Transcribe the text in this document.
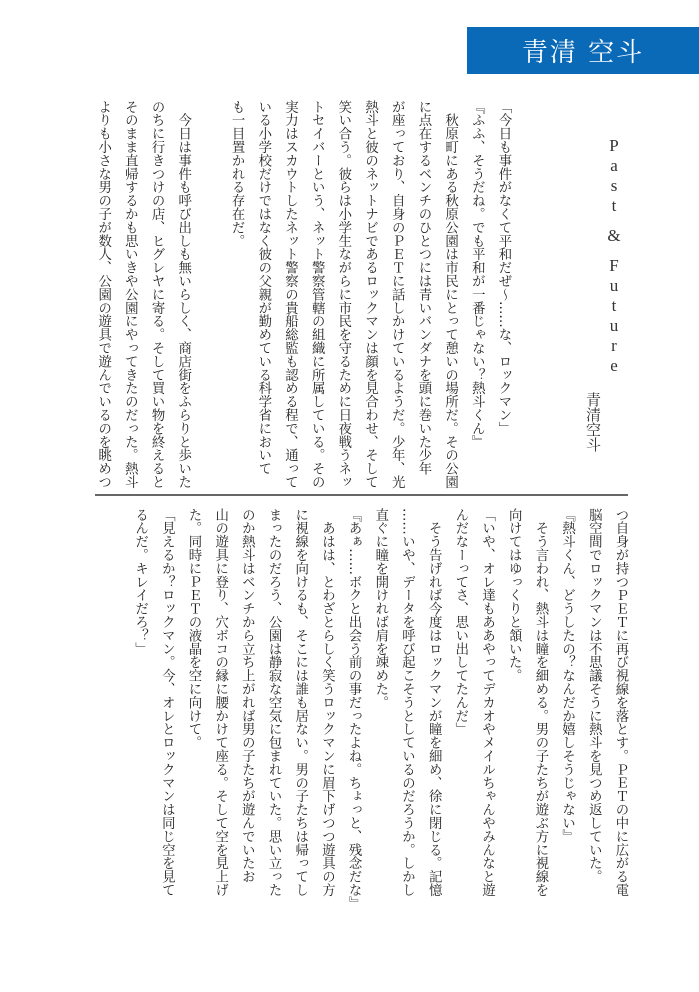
青清 空斗
P
a
s
t
&
F
u
t
u
r
e
青清空斗
「今日も事件がなくて平和だぜ〜……な、ロックマン」
『ふふ、そうだね。でも平和が一番じゃない？熱斗くん』
　秋原町にある秋原公園は市民にとって憩いの場所だ。その公園
に点在するベンチのひとつには青いバンダナを頭に巻いた少年
が座っており、自身のＰＥＴに話しかけているようだ。少年、光
熱斗と彼のネットナビであるロックマンは顔を見合わせ、そして
笑い合う。彼らは小学生ながらに市民を守るために日夜戦うネッ
トセイバーという、ネット警察管轄の組織に所属している。その
実力はスカウトしたネット警察の貴船総監も認める程で、通って
いる小学校だけではなく彼の父親が勤めている科学省において
も一目置かれる存在だ。
　今日は事件も呼び出しも無いらしく、商店街をふらりと歩いた
のちに行きつけの店、ヒグレヤに寄る。そして買い物を終えると
そのまま直帰するかも思いきや公園にやってきたのだった。熱斗
よりも小さな男の子が数人、公園の遊具で遊んでいるのを眺めつ
つ自身が持つＰＥＴに再び視線を落とす。ＰＥＴの中に広がる電
脳空間でロックマンは不思議そうに熱斗を見つめ返していた。
『熱斗くん、どうしたの？なんだか嬉しそうじゃない』
　そう言われ、熱斗は瞳を細める。男の子たちが遊ぶ方に視線を
向けてはゆっくりと頷いた。
「いや、オレ達もああやってデカオやメイルちゃんやみんなと遊
んだなーってさ、思い出してたんだ」
　そう告げれば今度はロックマンが瞳を細め、徐に閉じる。記憶
……いや、データを呼び起こそうとしているのだろうか。しかし
直ぐに瞳を開ければ肩を竦めた。
『あぁ……ボクと出会う前の事だったよね。ちょっと、残念だな』
　あはは、とわざとらしく笑うロックマンに眉下げつつ遊具の方
に視線を向けるも、そこには誰も居ない。男の子たちは帰ってし
まったのだろう、公園は静寂な空気に包まれていた。思い立った
のか熱斗はベンチから立ち上がれば男の子たちが遊んでいたお
山の遊具に登り、穴ボコの縁に腰かけて座る。そして空を見上げ
た。同時にＰＥＴの液晶を空に向けて。
「見えるか？ロックマン。今、オレとロックマンは同じ空を見て
るんだ。キレイだろ？」
